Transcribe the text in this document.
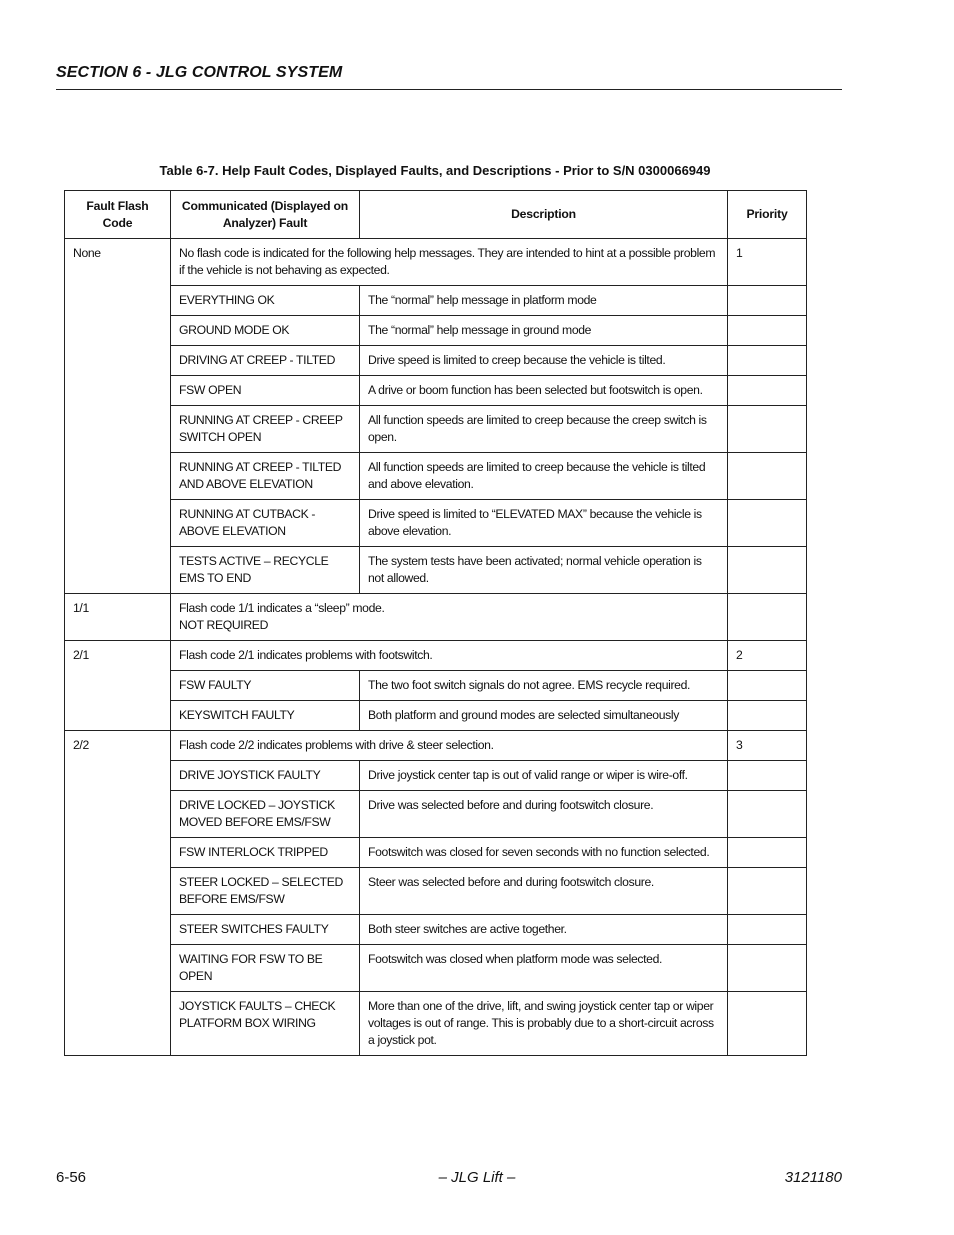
SECTION 6 - JLG CONTROL SYSTEM
Table 6-7. Help Fault Codes, Displayed Faults, and Descriptions - Prior to S/N 0300066949
Fault Flash Code	Communicated (Displayed on Analyzer) Fault	Description	Priority
None	No flash code is indicated for the following help messages. They are intended to hint at a possible problem if the vehicle is not behaving as expected.		1
	EVERYTHING OK	The “normal” help message in platform mode	
	GROUND MODE OK	The “normal” help message in ground mode	
	DRIVING AT CREEP - TILTED	Drive speed is limited to creep because the vehicle is tilted.	
	FSW OPEN	A drive or boom function has been selected but footswitch is open.	
	RUNNING AT CREEP - CREEP SWITCH OPEN	All function speeds are limited to creep because the creep switch is open.	
	RUNNING AT CREEP - TILTED AND ABOVE ELEVATION	All function speeds are limited to creep because the vehicle is tilted and above elevation.	
	RUNNING AT CUTBACK - ABOVE ELEVATION	Drive speed is limited to “ELEVATED MAX” because the vehicle is above elevation.	
	TESTS ACTIVE – RECYCLE EMS TO END	The system tests have been activated; normal vehicle operation is not allowed.	
1/1	Flash code 1/1 indicates a “sleep” mode.
NOT REQUIRED		
2/1	Flash code 2/1 indicates problems with footswitch.		2
	FSW FAULTY	The two foot switch signals do not agree. EMS recycle required.	
	KEYSWITCH FAULTY	Both platform and ground modes are selected simultaneously	
2/2	Flash code 2/2 indicates problems with drive & steer selection.		3
	DRIVE JOYSTICK FAULTY	Drive joystick center tap is out of valid range or wiper is wire-off.	
	DRIVE LOCKED – JOYSTICK MOVED BEFORE EMS/FSW	Drive was selected before and during footswitch closure.	
	FSW INTERLOCK TRIPPED	Footswitch was closed for seven seconds with no function selected.	
	STEER LOCKED – SELECTED BEFORE EMS/FSW	Steer was selected before and during footswitch closure.	
	STEER SWITCHES FAULTY	Both steer switches are active together.	
	WAITING FOR FSW TO BE OPEN	Footswitch was closed when platform mode was selected.	
	JOYSTICK FAULTS – CHECK PLATFORM BOX WIRING	More than one of the drive, lift, and swing joystick center tap or wiper voltages is out of range. This is probably due to a short-circuit across a joystick pot.	
6-56	– JLG Lift –	3121180
